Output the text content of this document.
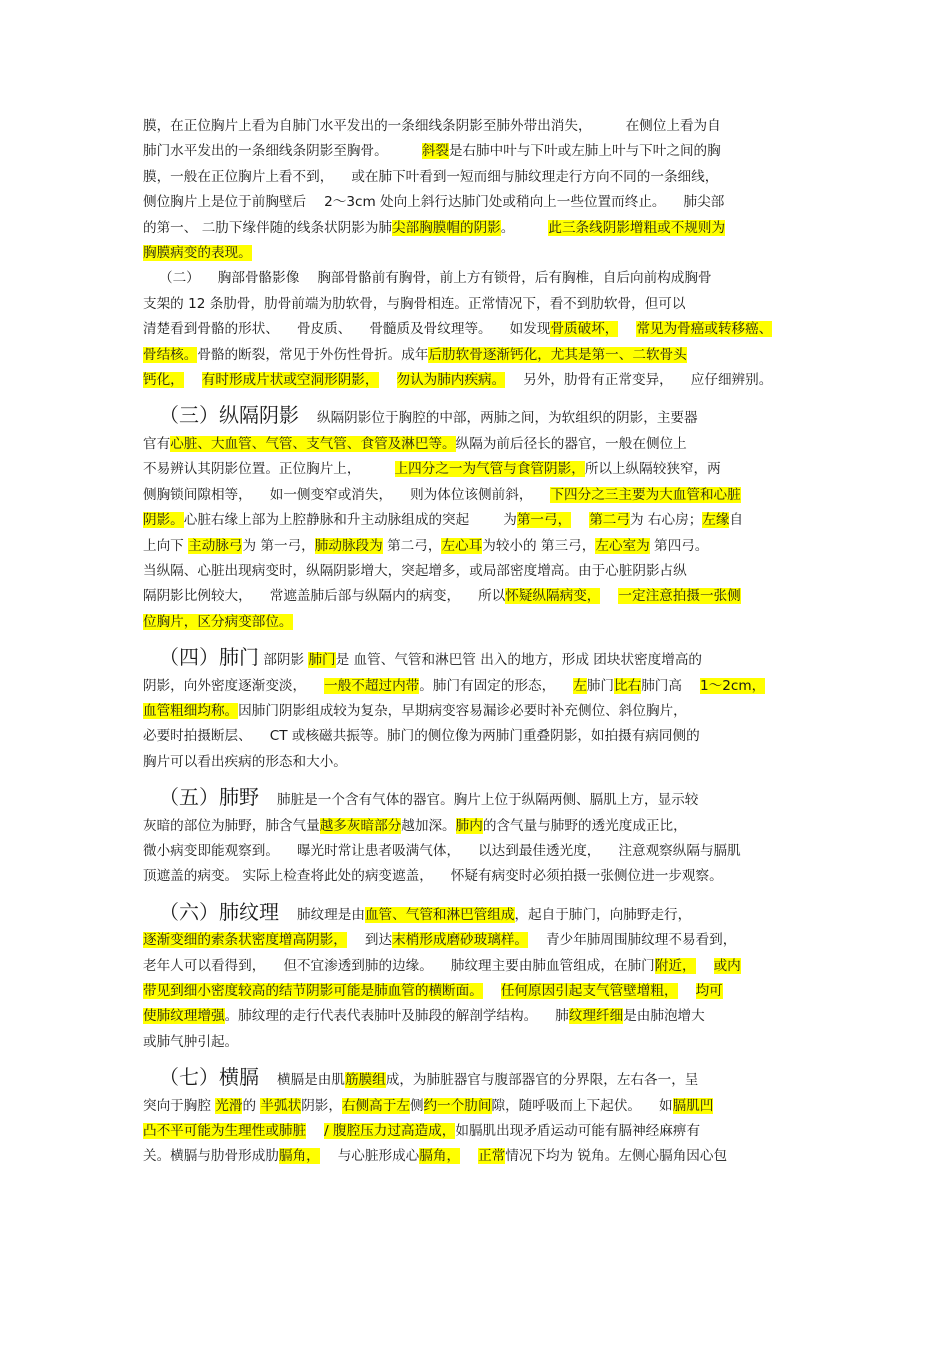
膜，在正位胸片上看为自肺门水平发出的一条细线条阴影至肺外带出消失，	在侧位上看为自

肺门水平发出的一条细线条阴影至胸骨。	斜裂是右肺中叶与下叶或左肺上叶与下叶之间的胸

膜，一般在正位胸片上看不到， 或在肺下叶看到一短而细与肺纹理走行方向不同的一条细线，

侧位胸片上是位于前胸壁后 2～3cm 处向上斜行达肺门处或稍向上一些位置而终止。 肺尖部

的第一、 二肋下缘伴随的线条状阴影为肺尖部胸膜帽的阴影。	此三条线阴影增粗或不规则为

胸膜病变的表现。

（二） 胸部骨骼影像 胸部骨骼前有胸骨，前上方有锁骨，后有胸椎，自后向前构成胸骨

支架的 12 条肋骨，肋骨前端为肋软骨，与胸骨相连。正常情况下，看不到肋软骨，但可以

清楚看到骨骼的形状、 骨皮质、 骨髓质及骨纹理等。 如发现骨质破坏， 常见为骨癌或转移癌、

骨结核。骨骼的断裂，常见于外伤性骨折。成年后肋软骨逐渐钙化，尤其是第一、二软骨头

钙化， 有时形成片状或空洞形阴影， 勿认为肺内疾病。 另外，肋骨有正常变异， 应仔细辨别。

（三）纵隔阴影 纵隔阴影位于胸腔的中部，两肺之间，为软组织的阴影，主要器

官有心脏、大血管、气管、支气管、食管及淋巴等。纵隔为前后径长的器官，一般在侧位上

不易辨认其阴影位置。正位胸片上，	上四分之一为气管与食管阴影，所以上纵隔较狭窄，两

侧胸锁间隙相等， 如一侧变窄或消失， 则为体位该侧前斜， 下四分之三主要为大血管和心脏

阴影。心脏右缘上部为上腔静脉和升主动脉组成的突起	为第一弓， 第二弓为 右心房；左缘自

上向下 主动脉弓为 第一弓，肺动脉段为 第二弓，左心耳为较小的 第三弓，左心室为 第四弓。

当纵隔、心脏出现病变时，纵隔阴影增大，突起增多，或局部密度增高。由于心脏阴影占纵

隔阴影比例较大， 常遮盖肺后部与纵隔内的病变， 所以怀疑纵隔病变， 一定注意拍摄一张侧

位胸片，区分病变部位。

（四）肺门 部阴影 肺门是 血管、气管和淋巴管 出入的地方，形成 团块状密度增高的

阴影，向外密度逐渐变淡， 一般不超过内带。肺门有固定的形态， 左肺门比右肺门高 1～2cm，

血管粗细均称。因肺门阴影组成较为复杂，早期病变容易漏诊必要时补充侧位、斜位胸片，

必要时拍摄断层、 CT 或核磁共振等。肺门的侧位像为两肺门重叠阴影，如拍摄有病同侧的

胸片可以看出疾病的形态和大小。

（五）肺野 肺脏是一个含有气体的器官。胸片上位于纵隔两侧、膈肌上方，显示较

灰暗的部位为肺野，肺含气量越多灰暗部分越加深。肺内的含气量与肺野的透光度成正比，

微小病变即能观察到。 曝光时常让患者吸满气体， 以达到最佳透光度， 注意观察纵隔与膈肌

顶遮盖的病变。 实际上检查将此处的病变遮盖， 怀疑有病变时必须拍摄一张侧位进一步观察。

（六）肺纹理 肺纹理是由血管、气管和淋巴管组成，起自于肺门，向肺野走行，

逐渐变细的索条状密度增高阴影， 到达末梢形成磨砂玻璃样。 青少年肺周围肺纹理不易看到，

老年人可以看得到， 但不宜渗透到肺的边缘。 肺纹理主要由肺血管组成，在肺门附近， 或内

带见到细小密度较高的结节阴影可能是肺血管的横断面。 任何原因引起支气管壁增粗， 均可

使肺纹理增强。肺纹理的走行代表代表肺叶及肺段的解剖学结构。 肺纹理纤细是由肺泡增大

或肺气肿引起。

（七）横膈 横膈是由肌筋膜组成，为肺脏器官与腹部器官的分界限，左右各一，呈

突向于胸腔 光滑的 半弧状阴影，右侧高于左侧约一个肋间隙，随呼吸而上下起伏。 如膈肌凹

凸不平可能为生理性或肺脏 / 腹腔压力过高造成，如膈肌出现矛盾运动可能有膈神经麻痹有

关。横膈与肋骨形成肋膈角， 与心脏形成心膈角， 正常情况下均为 锐角。左侧心膈角因心包
